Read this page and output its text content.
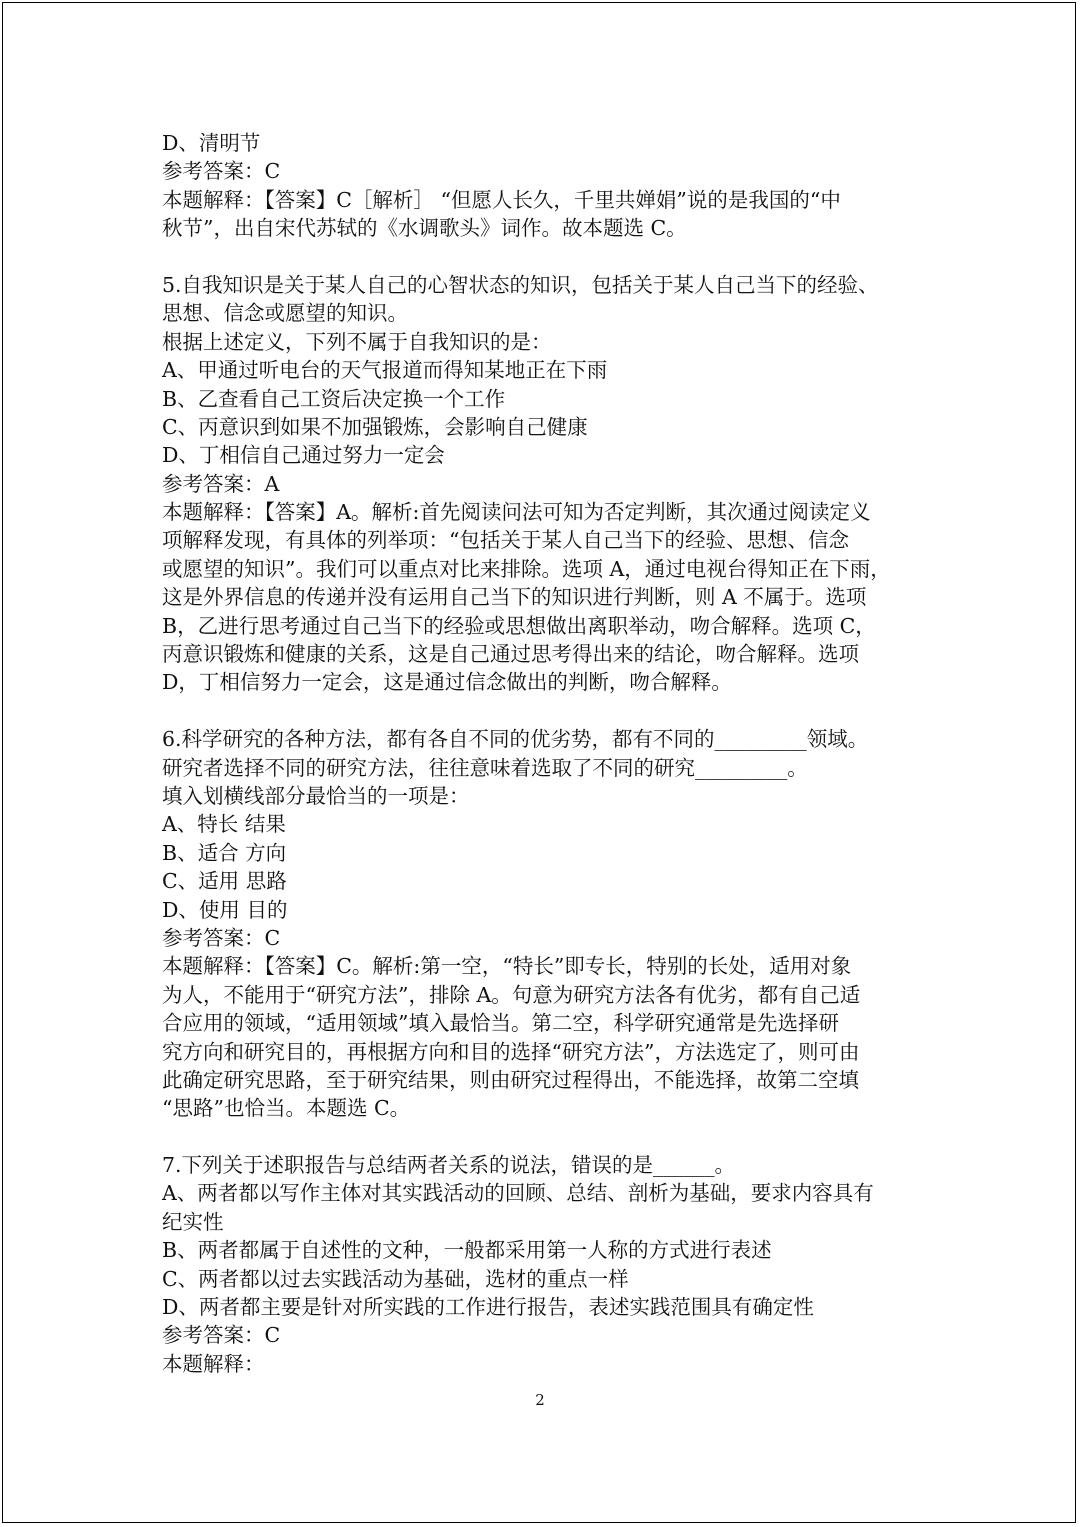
D、清明节
参考答案：C
本题解释：【答案】C［解析］ “但愿人长久，千里共婵娟”说的是我国的“中
秋节”，出自宋代苏轼的《水调歌头》词作。故本题选 C。
5.自我知识是关于某人自己的心智状态的知识，包括关于某人自己当下的经验、
思想、信念或愿望的知识。
根据上述定义，下列不属于自我知识的是：
A、甲通过听电台的天气报道而得知某地正在下雨
B、乙查看自己工资后决定换一个工作
C、丙意识到如果不加强锻炼，会影响自己健康
D、丁相信自己通过努力一定会
参考答案：A
本题解释：【答案】A。解析:首先阅读问法可知为否定判断，其次通过阅读定义
项解释发现，有具体的列举项：“包括关于某人自己当下的经验、思想、信念
或愿望的知识”。我们可以重点对比来排除。选项 A，通过电视台得知正在下雨，
这是外界信息的传递并没有运用自己当下的知识进行判断，则 A 不属于。选项
B，乙进行思考通过自己当下的经验或思想做出离职举动，吻合解释。选项 C，
丙意识锻炼和健康的关系，这是自己通过思考得出来的结论，吻合解释。选项
D，丁相信努力一定会，这是通过信念做出的判断，吻合解释。
6.科学研究的各种方法，都有各自不同的优劣势，都有不同的_________领域。
研究者选择不同的研究方法，往往意味着选取了不同的研究_________。
填入划横线部分最恰当的一项是：
A、特长 结果
B、适合 方向
C、适用 思路
D、使用 目的
参考答案：C
本题解释：【答案】C。解析:第一空，“特长”即专长，特别的长处，适用对象
为人，不能用于“研究方法”，排除 A。句意为研究方法各有优劣，都有自己适
合应用的领域，“适用领域”填入最恰当。第二空，科学研究通常是先选择研
究方向和研究目的，再根据方向和目的选择“研究方法”，方法选定了，则可由
此确定研究思路，至于研究结果，则由研究过程得出，不能选择，故第二空填
“思路”也恰当。本题选 C。
7.下列关于述职报告与总结两者关系的说法，错误的是______。
A、两者都以写作主体对其实践活动的回顾、总结、剖析为基础，要求内容具有
纪实性
B、两者都属于自述性的文种，一般都采用第一人称的方式进行表述
C、两者都以过去实践活动为基础，选材的重点一样
D、两者都主要是针对所实践的工作进行报告，表述实践范围具有确定性
参考答案：C
本题解释：
2
